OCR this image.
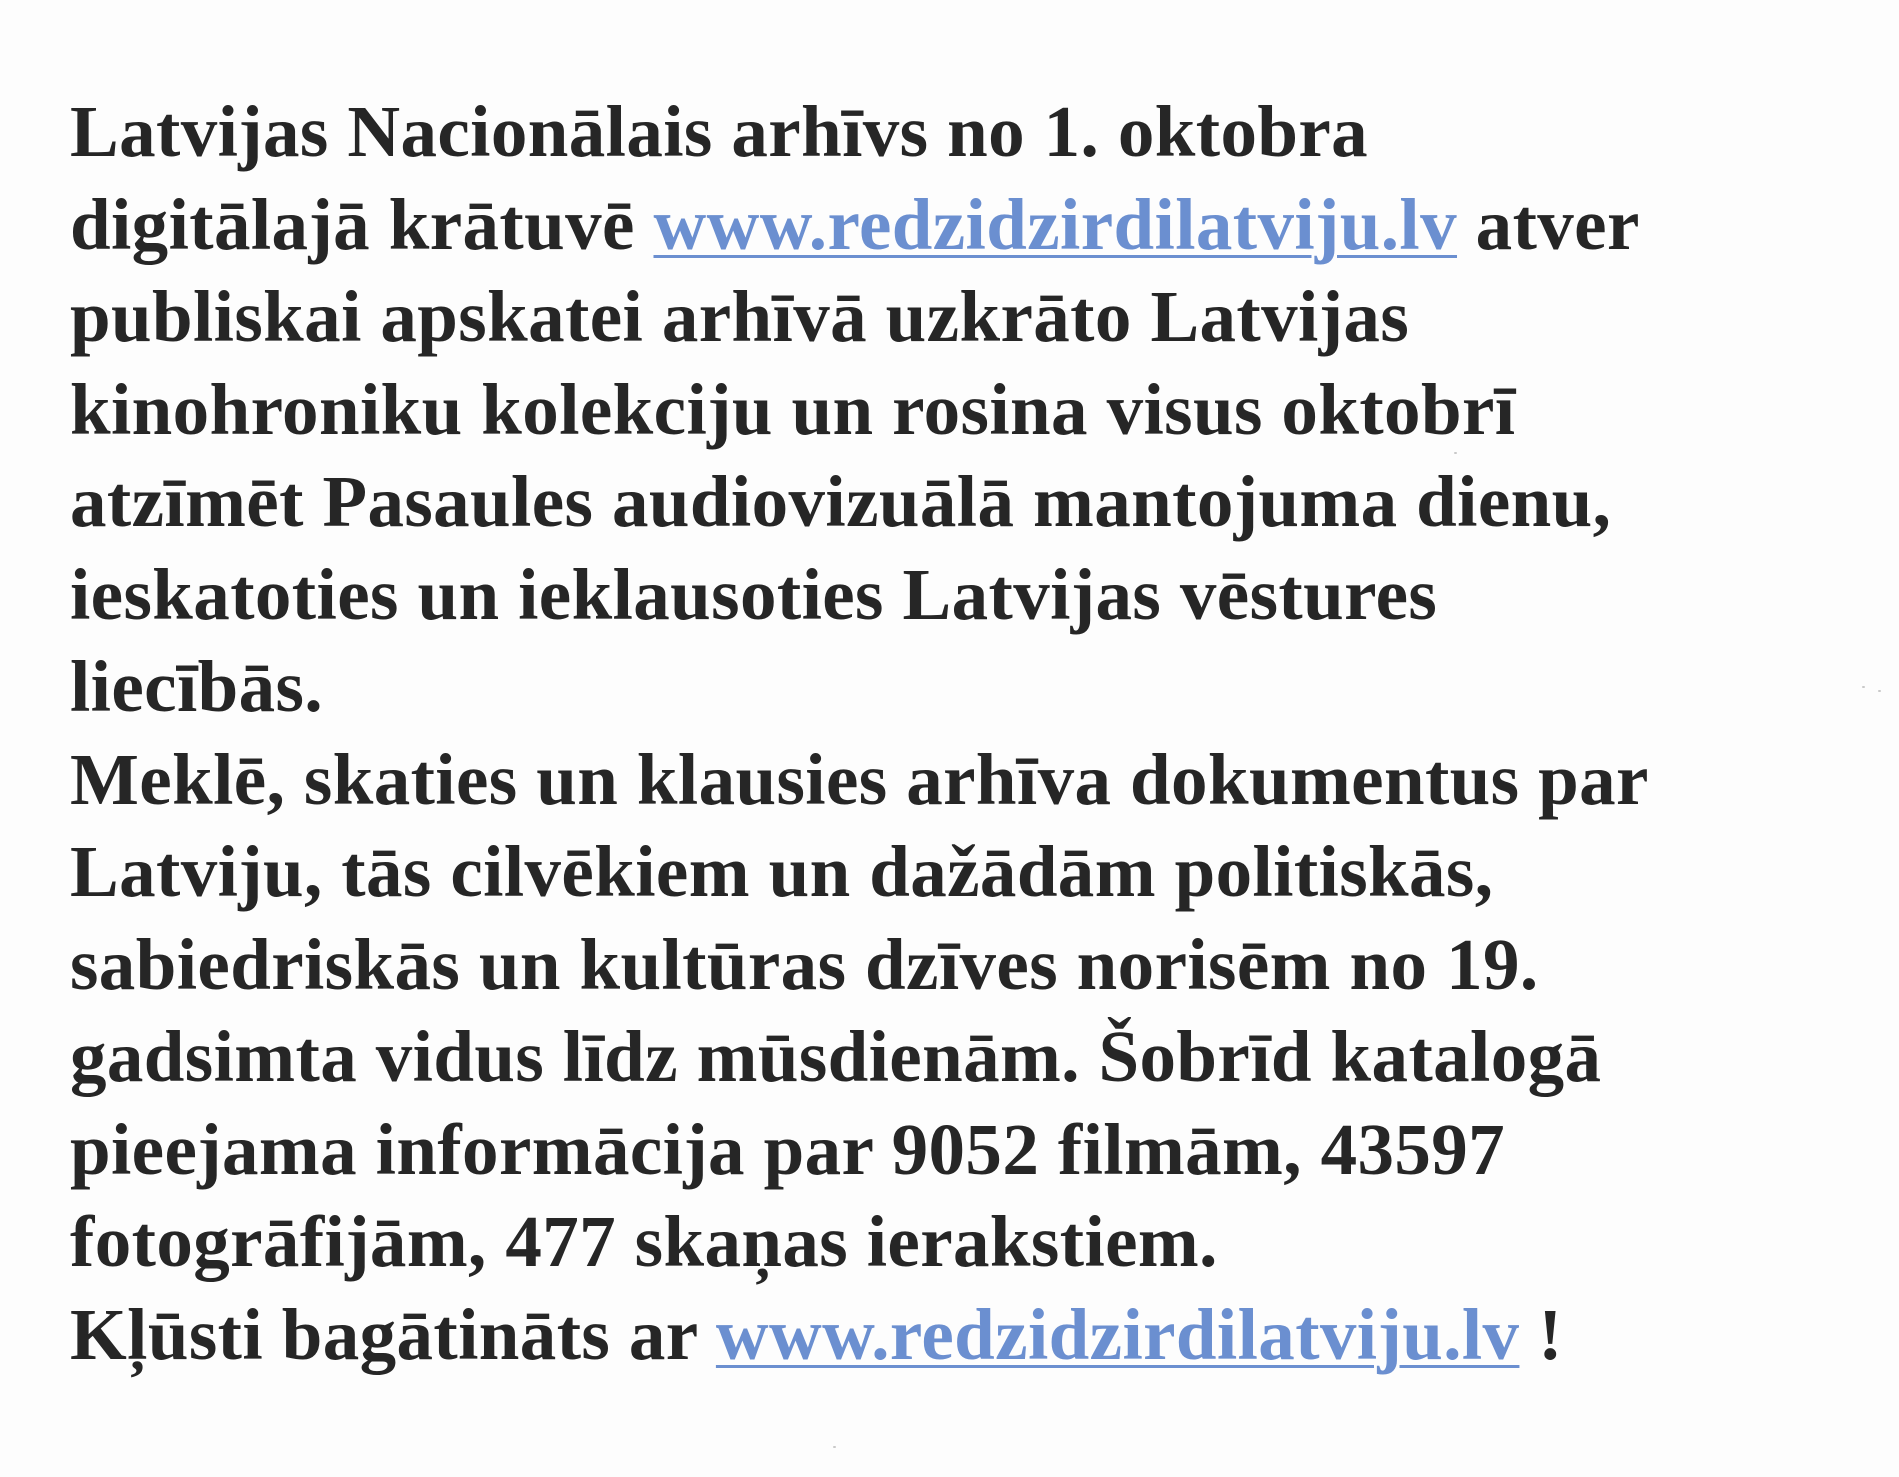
Latvijas Nacionālais arhīvs no 1. oktobra
digitālajā krātuvē www.redzidzirdilatviju.lv atver
publiskai apskatei arhīvā uzkrāto Latvijas
kinohroniku kolekciju un rosina visus oktobrī
atzīmēt Pasaules audiovizuālā mantojuma dienu,
ieskatoties un ieklausoties Latvijas vēstures
liecībās.
Meklē, skaties un klausies arhīva dokumentus par
Latviju, tās cilvēkiem un dažādām politiskās,
sabiedriskās un kultūras dzīves norisēm no 19.
gadsimta vidus līdz mūsdienām. Šobrīd katalogā
pieejama informācija par 9052 filmām, 43597
fotogrāfijām, 477 skaņas ierakstiem.
Kļūsti bagātināts ar www.redzidzirdilatviju.lv !
